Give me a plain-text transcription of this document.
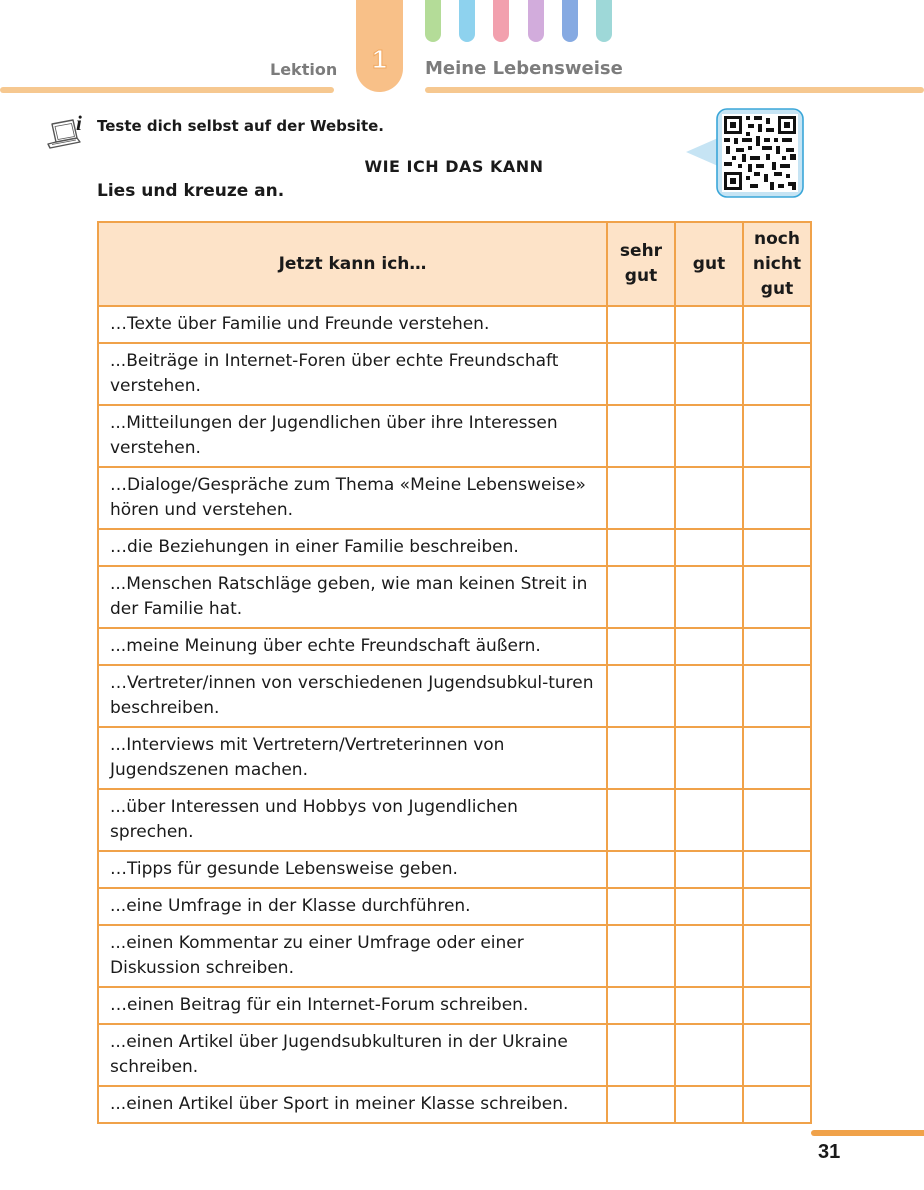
1
Lektion	Meine Lebensweise
i Teste dich selbst auf der Website.
WIE ICH DAS KANN
Lies und kreuze an.
Jetzt kann ich…	sehr gut	gut	noch nicht gut
…Texte über Familie und Freunde verstehen.			
...Beiträge in Internet-Foren über echte Freundschaft verstehen.			
...Mitteilungen der Jugendlichen über ihre Interessen verstehen.			
…Dialoge/Gespräche zum Thema «Meine Lebensweise» hören und verstehen.			
…die Beziehungen in einer Familie beschreiben.			
...Menschen Ratschläge geben, wie man keinen Streit in der Familie hat.			
...meine Meinung über echte Freundschaft äußern.			
…Vertreter/innen von verschiedenen Jugendsubkul-turen beschreiben.			
...Interviews mit Vertretern/Vertreterinnen von Jugendszenen machen.			
...über Interessen und Hobbys von Jugendlichen sprechen.			
…Tipps für gesunde Lebensweise geben.			
...eine Umfrage in der Klasse durchführen.			
...einen Kommentar zu einer Umfrage oder einer Diskussion schreiben.			
…einen Beitrag für ein Internet-Forum schreiben.			
...einen Artikel über Jugendsubkulturen in der Ukraine schreiben.			
...einen Artikel über Sport in meiner Klasse schreiben.			
31
